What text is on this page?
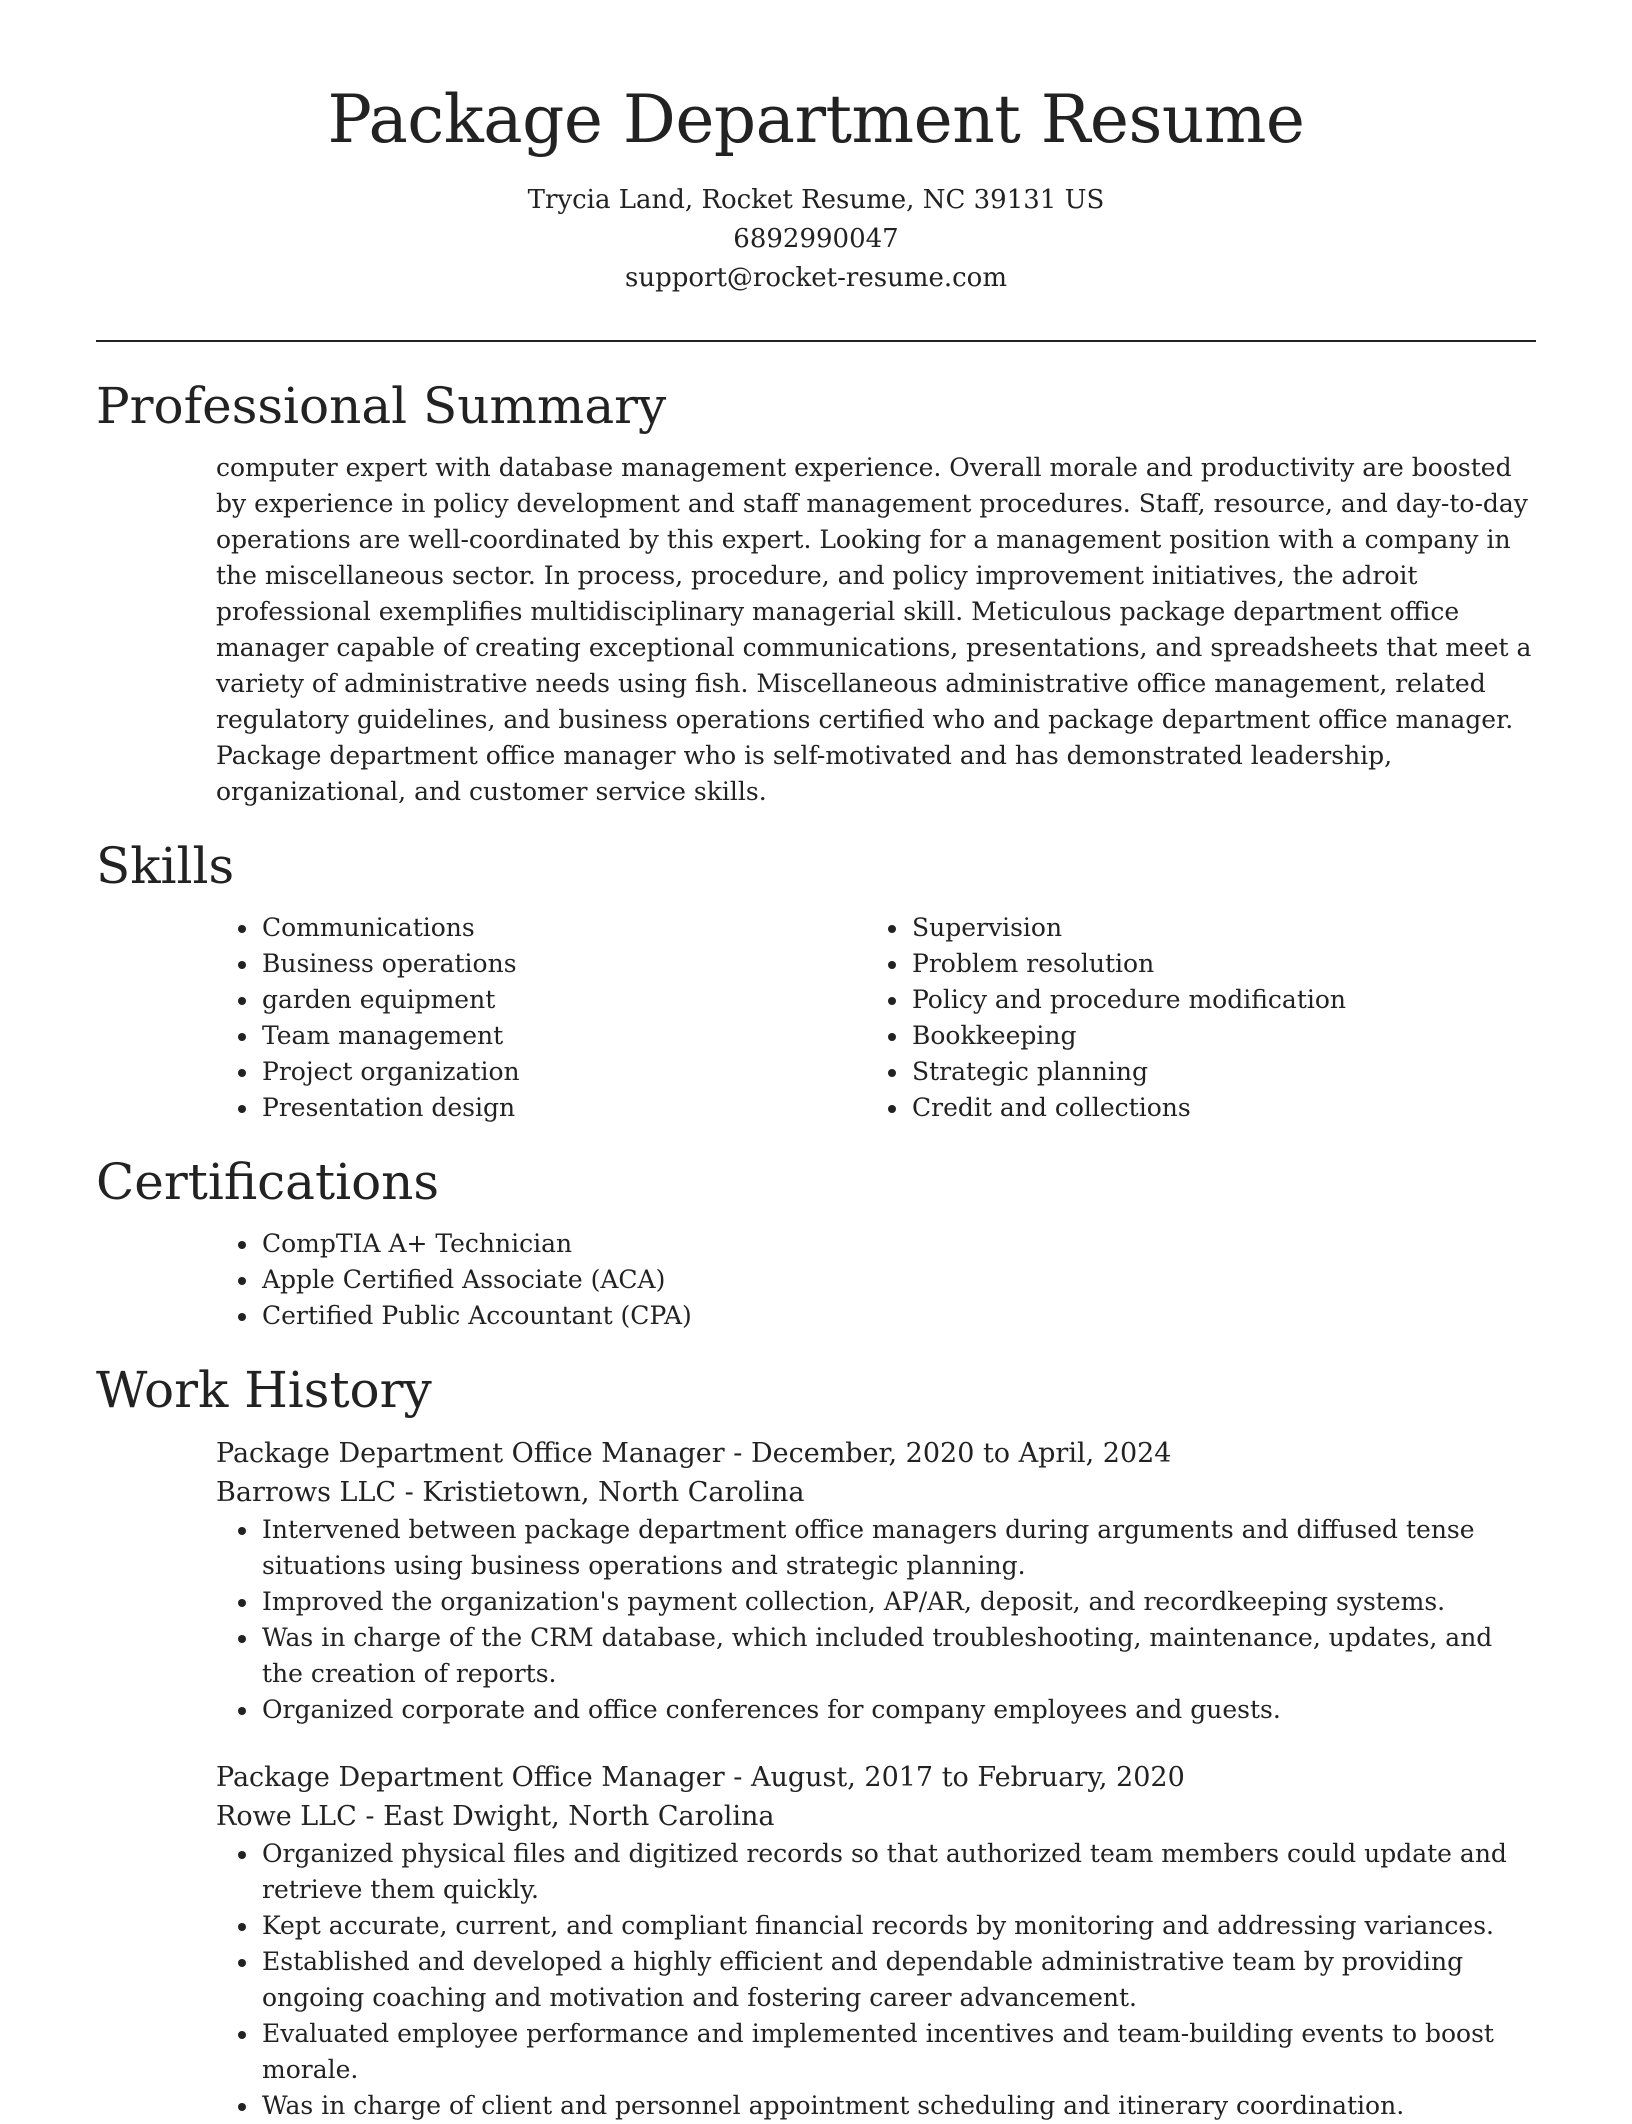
Package Department Resume

Trycia Land, Rocket Resume, NC 39131 US

6892990047

support@rocket-resume.com

Professional Summary

computer expert with database management experience. Overall morale and productivity are boosted by experience in policy development and staff management procedures. Staff, resource, and day-to-day operations are well-coordinated by this expert. Looking for a management position with a company in the miscellaneous sector. In process, procedure, and policy improvement initiatives, the adroit professional exemplifies multidisciplinary managerial skill. Meticulous package department office manager capable of creating exceptional communications, presentations, and spreadsheets that meet a variety of administrative needs using fish. Miscellaneous administrative office management, related regulatory guidelines, and business operations certified who and package department office manager. Package department office manager who is self-motivated and has demonstrated leadership, organizational, and customer service skills.

Skills
• Communications
• Business operations
• garden equipment
• Team management
• Project organization
• Presentation design
• Supervision
• Problem resolution
• Policy and procedure modification
• Bookkeeping
• Strategic planning
• Credit and collections
Certifications
• CompTIA A+ Technician
• Apple Certified Associate (ACA)
• Certified Public Accountant (CPA)
Work History

Package Department Office Manager - December, 2020 to April, 2024

Barrows LLC - Kristietown, North Carolina

• Intervened between package department office managers during arguments and diffused tense situations using business operations and strategic planning.
• Improved the organization's payment collection, AP/AR, deposit, and recordkeeping systems.
• Was in charge of the CRM database, which included troubleshooting, maintenance, updates, and the creation of reports.
• Organized corporate and office conferences for company employees and guests.

Package Department Office Manager - August, 2017 to February, 2020

Rowe LLC - East Dwight, North Carolina

• Organized physical files and digitized records so that authorized team members could update and retrieve them quickly.
• Kept accurate, current, and compliant financial records by monitoring and addressing variances.
• Established and developed a highly efficient and dependable administrative team by providing ongoing coaching and motivation and fostering career advancement.
• Evaluated employee performance and implemented incentives and team-building events to boost morale.
• Was in charge of client and personnel appointment scheduling and itinerary coordination.
